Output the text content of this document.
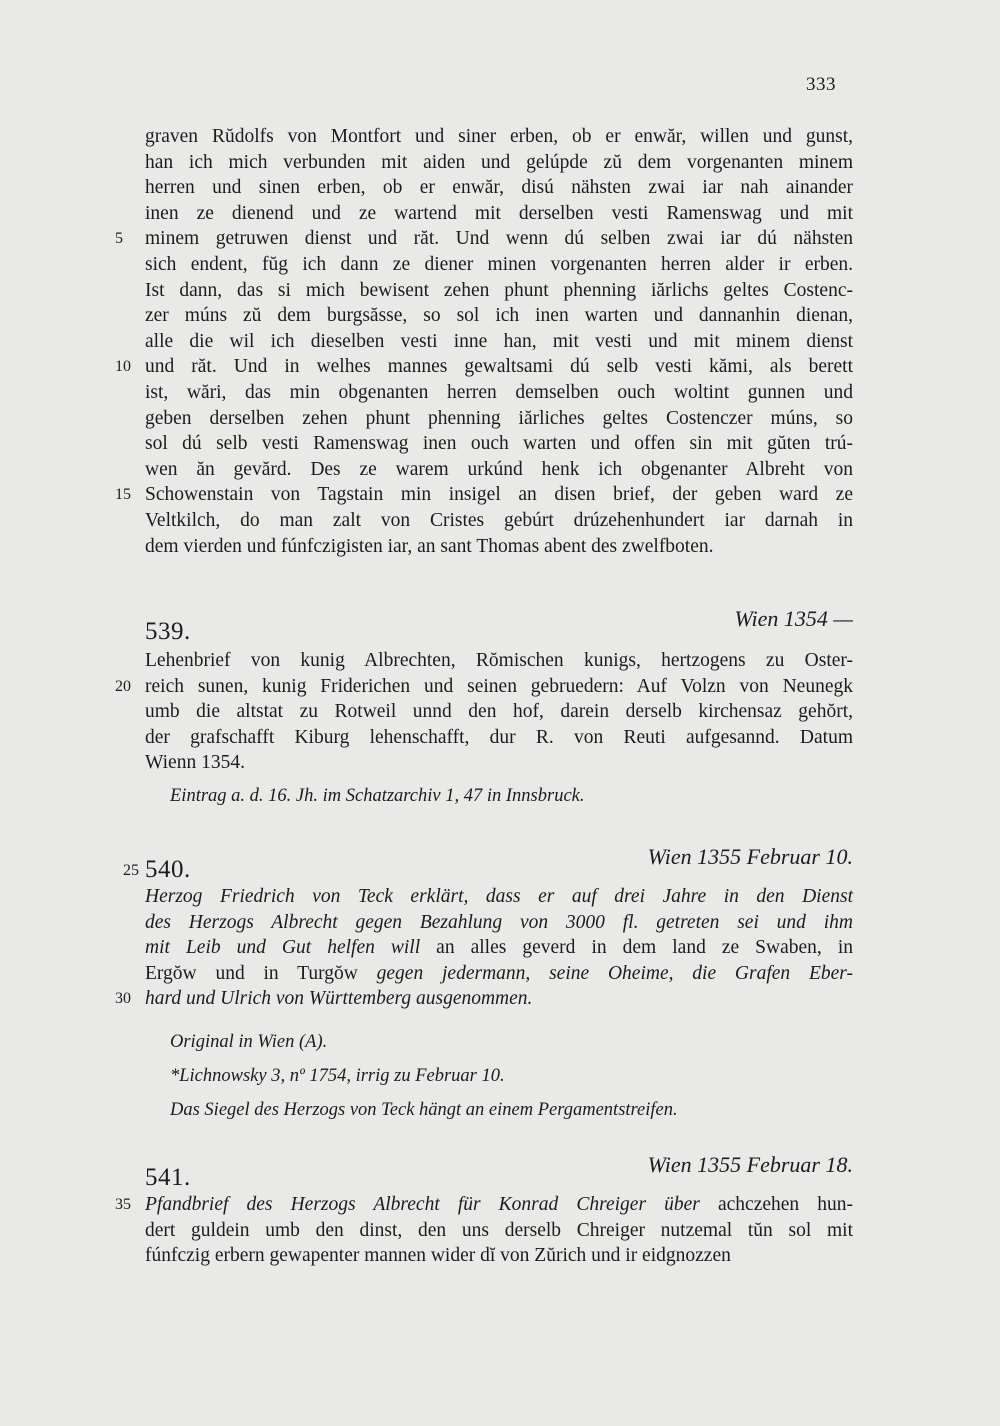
333
graven Rŭdolfs von Montfort und siner erben, ob er enwăr, willen und gunst,
han ich mich verbunden mit aiden und gelúpde zŭ dem vorgenanten minem
herren und sinen erben, ob er enwăr, disú nähsten zwai iar nah ainander
inen ze dienend und ze wartend mit derselben vesti Ramenswag und mit
5	minem getruwen dienst und răt. Und wenn dú selben zwai iar dú nähsten
sich endent, fŭg ich dann ze diener minen vorgenanten herren alder ir erben.
Ist dann, das si mich bewisent zehen phunt phenning iărlichs geltes Costenc-
zer múns zŭ dem burgsăsse, so sol ich inen warten und dannanhin dienan,
alle die wil ich dieselben vesti inne han, mit vesti und mit minem dienst
10 und răt. Und in welhes mannes gewaltsami dú selb vesti kămi, als berett
ist, wări, das min obgenanten herren demselben ouch woltint gunnen und
geben derselben zehen phunt phenning iărliches geltes Costenczer múns, so
sol dú selb vesti Ramenswag inen ouch warten und offen sin mit gŭten trú-
wen ăn gevărd. Des ze warem urkúnd henk ich obgenanter Albreht von
15 Schowenstain von Tagstain min insigel an disen brief, der geben ward ze
Veltkilch, do man zalt von Cristes gebúrt drúzehenhundert iar darnah in
dem vierden und fúnfczigisten iar, an sant Thomas abent des zwelfboten.
539.	Wien 1354 —
Lehenbrief von kunig Albrechten, Rŏmischen kunigs, hertzogens zu Oster-
20 reich sunen, kunig Friderichen und seinen gebruedern: Auf Volzn von Neunegk
umb die altstat zu Rotweil unnd den hof, darein derselb kirchensaz gehŏrt,
der grafschafft Kiburg lehenschafft, dur R. von Reuti aufgesannd. Datum
Wienn 1354.
Eintrag a. d. 16. Jh. im Schatzarchiv 1, 47 in Innsbruck.
25 540.	Wien 1355 Februar 10.
Herzog Friedrich von Teck erklärt, dass er auf drei Jahre in den Dienst
des Herzogs Albrecht gegen Bezahlung von 3000 fl. getreten sei und ihm
mit Leib und Gut helfen will an alles geverd in dem land ze Swaben, in
Ergŏw und in Turgŏw gegen jedermann, seine Oheime, die Grafen Eber-
30 hard und Ulrich von Württemberg ausgenommen.
Original in Wien (A).
*Lichnowsky 3, nº 1754, irrig zu Februar 10.
Das Siegel des Herzogs von Teck hängt an einem Pergamentstreifen.
541.	Wien 1355 Februar 18.
35 Pfandbrief des Herzogs Albrecht für Konrad Chreiger über achczehen hun-
dert guldein umb den dinst, den uns derselb Chreiger nutzemal tŭn sol mit
fúnfczig erbern gewapenter mannen wider dĭ von Zŭrich und ir eidgnozzen
